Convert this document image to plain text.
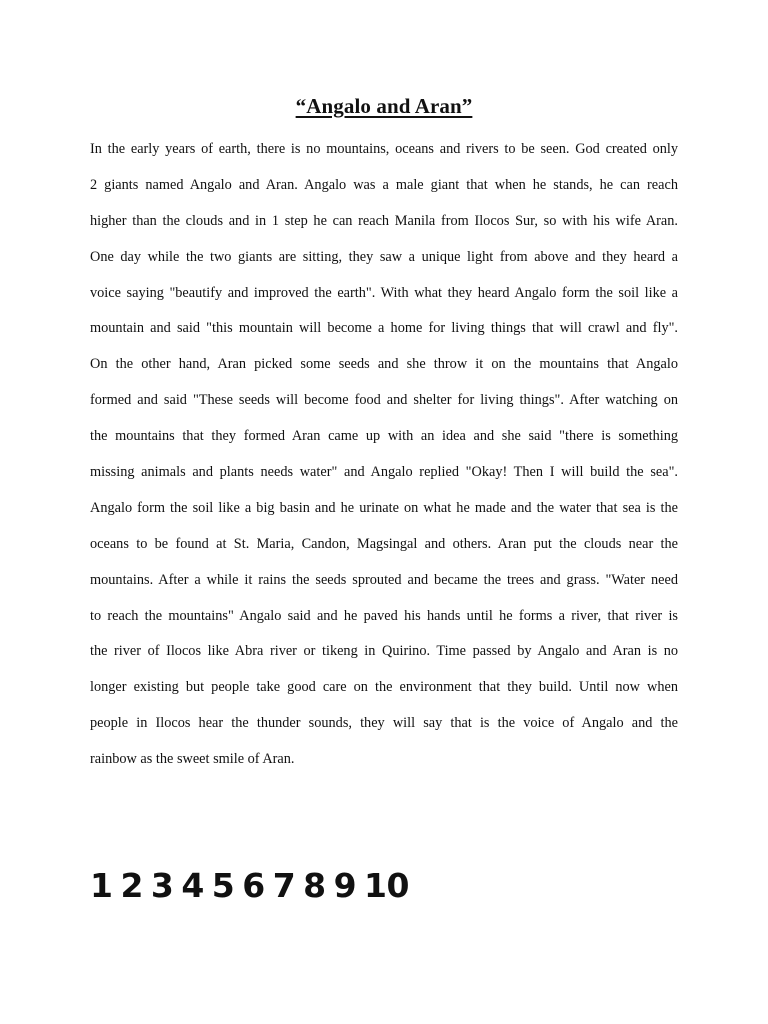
“Angalo and Aran”
In the early years of earth, there is no mountains, oceans and rivers to be seen. God created only
2 giants named Angalo and Aran. Angalo was a male giant that when he stands, he can reach
higher than the clouds and in 1 step he can reach Manila from Ilocos Sur, so with his wife Aran.
One day while the two giants are sitting, they saw a unique light from above and they heard a
voice saying "beautify and improved the earth". With what they heard Angalo form the soil like a
mountain and said "this mountain will become a home for living things that will crawl and fly".
On the other hand, Aran picked some seeds and she throw it on the mountains that Angalo
formed and said "These seeds will become food and shelter for living things". After watching on
the mountains that they formed Aran came up with an idea and she said "there is something
missing animals and plants needs water" and Angalo replied "Okay! Then I will build the sea".
Angalo form the soil like a big basin and he urinate on what he made and the water that sea is the
oceans to be found at St. Maria, Candon, Magsingal and others. Aran put the clouds near the
mountains. After a while it rains the seeds sprouted and became the trees and grass. "Water need
to reach the mountains" Angalo said and he paved his hands until he forms a river, that river is
the river of Ilocos like Abra river or tikeng in Quirino. Time passed by Angalo and Aran is no
longer existing but people take good care on the environment that they build. Until now when
people in Ilocos hear the thunder sounds, they will say that is the voice of Angalo and the
rainbow as the sweet smile of Aran.
1 2 3 4 5 6 7 8 9 10
